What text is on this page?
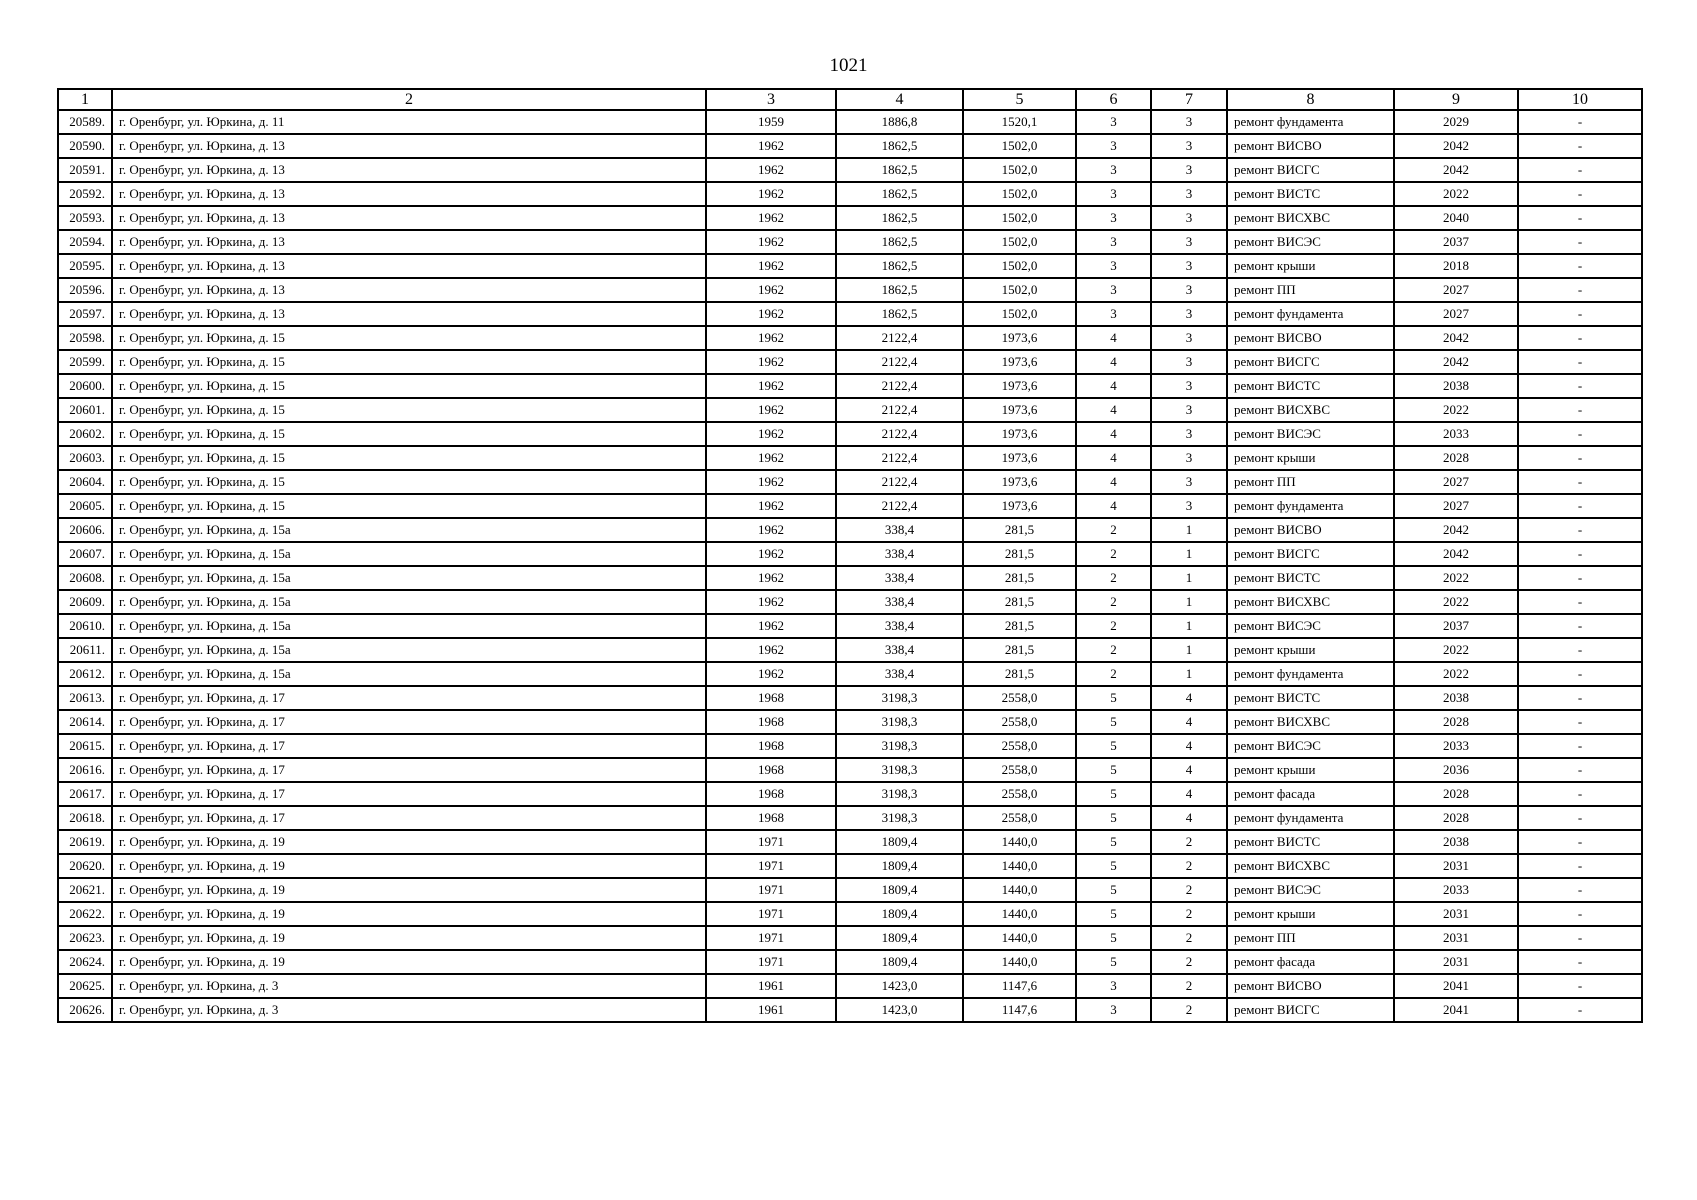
1021
1	2	3	4	5	6	7	8	9	10
20589.	г. Оренбург, ул. Юркина, д. 11	1959	1886,8	1520,1	3	3	ремонт фундамента	2029	-
20590.	г. Оренбург, ул. Юркина, д. 13	1962	1862,5	1502,0	3	3	ремонт ВИСВО	2042	-
20591.	г. Оренбург, ул. Юркина, д. 13	1962	1862,5	1502,0	3	3	ремонт ВИСГС	2042	-
20592.	г. Оренбург, ул. Юркина, д. 13	1962	1862,5	1502,0	3	3	ремонт ВИСТС	2022	-
20593.	г. Оренбург, ул. Юркина, д. 13	1962	1862,5	1502,0	3	3	ремонт ВИСХВС	2040	-
20594.	г. Оренбург, ул. Юркина, д. 13	1962	1862,5	1502,0	3	3	ремонт ВИСЭС	2037	-
20595.	г. Оренбург, ул. Юркина, д. 13	1962	1862,5	1502,0	3	3	ремонт крыши	2018	-
20596.	г. Оренбург, ул. Юркина, д. 13	1962	1862,5	1502,0	3	3	ремонт ПП	2027	-
20597.	г. Оренбург, ул. Юркина, д. 13	1962	1862,5	1502,0	3	3	ремонт фундамента	2027	-
20598.	г. Оренбург, ул. Юркина, д. 15	1962	2122,4	1973,6	4	3	ремонт ВИСВО	2042	-
20599.	г. Оренбург, ул. Юркина, д. 15	1962	2122,4	1973,6	4	3	ремонт ВИСГС	2042	-
20600.	г. Оренбург, ул. Юркина, д. 15	1962	2122,4	1973,6	4	3	ремонт ВИСТС	2038	-
20601.	г. Оренбург, ул. Юркина, д. 15	1962	2122,4	1973,6	4	3	ремонт ВИСХВС	2022	-
20602.	г. Оренбург, ул. Юркина, д. 15	1962	2122,4	1973,6	4	3	ремонт ВИСЭС	2033	-
20603.	г. Оренбург, ул. Юркина, д. 15	1962	2122,4	1973,6	4	3	ремонт крыши	2028	-
20604.	г. Оренбург, ул. Юркина, д. 15	1962	2122,4	1973,6	4	3	ремонт ПП	2027	-
20605.	г. Оренбург, ул. Юркина, д. 15	1962	2122,4	1973,6	4	3	ремонт фундамента	2027	-
20606.	г. Оренбург, ул. Юркина, д. 15а	1962	338,4	281,5	2	1	ремонт ВИСВО	2042	-
20607.	г. Оренбург, ул. Юркина, д. 15а	1962	338,4	281,5	2	1	ремонт ВИСГС	2042	-
20608.	г. Оренбург, ул. Юркина, д. 15а	1962	338,4	281,5	2	1	ремонт ВИСТС	2022	-
20609.	г. Оренбург, ул. Юркина, д. 15а	1962	338,4	281,5	2	1	ремонт ВИСХВС	2022	-
20610.	г. Оренбург, ул. Юркина, д. 15а	1962	338,4	281,5	2	1	ремонт ВИСЭС	2037	-
20611.	г. Оренбург, ул. Юркина, д. 15а	1962	338,4	281,5	2	1	ремонт крыши	2022	-
20612.	г. Оренбург, ул. Юркина, д. 15а	1962	338,4	281,5	2	1	ремонт фундамента	2022	-
20613.	г. Оренбург, ул. Юркина, д. 17	1968	3198,3	2558,0	5	4	ремонт ВИСТС	2038	-
20614.	г. Оренбург, ул. Юркина, д. 17	1968	3198,3	2558,0	5	4	ремонт ВИСХВС	2028	-
20615.	г. Оренбург, ул. Юркина, д. 17	1968	3198,3	2558,0	5	4	ремонт ВИСЭС	2033	-
20616.	г. Оренбург, ул. Юркина, д. 17	1968	3198,3	2558,0	5	4	ремонт крыши	2036	-
20617.	г. Оренбург, ул. Юркина, д. 17	1968	3198,3	2558,0	5	4	ремонт фасада	2028	-
20618.	г. Оренбург, ул. Юркина, д. 17	1968	3198,3	2558,0	5	4	ремонт фундамента	2028	-
20619.	г. Оренбург, ул. Юркина, д. 19	1971	1809,4	1440,0	5	2	ремонт ВИСТС	2038	-
20620.	г. Оренбург, ул. Юркина, д. 19	1971	1809,4	1440,0	5	2	ремонт ВИСХВС	2031	-
20621.	г. Оренбург, ул. Юркина, д. 19	1971	1809,4	1440,0	5	2	ремонт ВИСЭС	2033	-
20622.	г. Оренбург, ул. Юркина, д. 19	1971	1809,4	1440,0	5	2	ремонт крыши	2031	-
20623.	г. Оренбург, ул. Юркина, д. 19	1971	1809,4	1440,0	5	2	ремонт ПП	2031	-
20624.	г. Оренбург, ул. Юркина, д. 19	1971	1809,4	1440,0	5	2	ремонт фасада	2031	-
20625.	г. Оренбург, ул. Юркина, д. 3	1961	1423,0	1147,6	3	2	ремонт ВИСВО	2041	-
20626.	г. Оренбург, ул. Юркина, д. 3	1961	1423,0	1147,6	3	2	ремонт ВИСГС	2041	-
